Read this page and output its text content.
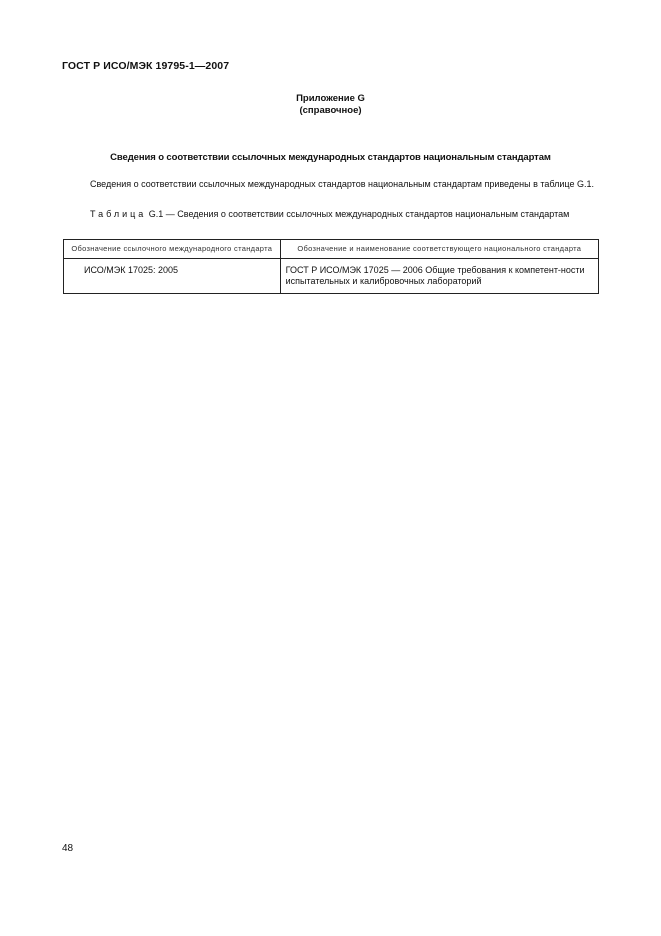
ГОСТ Р ИСО/МЭК 19795-1—2007
Приложение G
(справочное)
Сведения о соответствии ссылочных международных стандартов национальным стандартам
Сведения о соответствии ссылочных международных стандартов национальным стандартам приведены в таблице G.1.
Таблица G.1 — Сведения о соответствии ссылочных международных стандартов национальным стандартам
Обозначение ссылочного международного стандарта	Обозначение и наименование соответствующего национального стандарта
ИСО/МЭК 17025: 2005	ГОСТ Р ИСО/МЭК 17025 — 2006 Общие требования к компетент-ности испытательных и калибровочных лабораторий
48
